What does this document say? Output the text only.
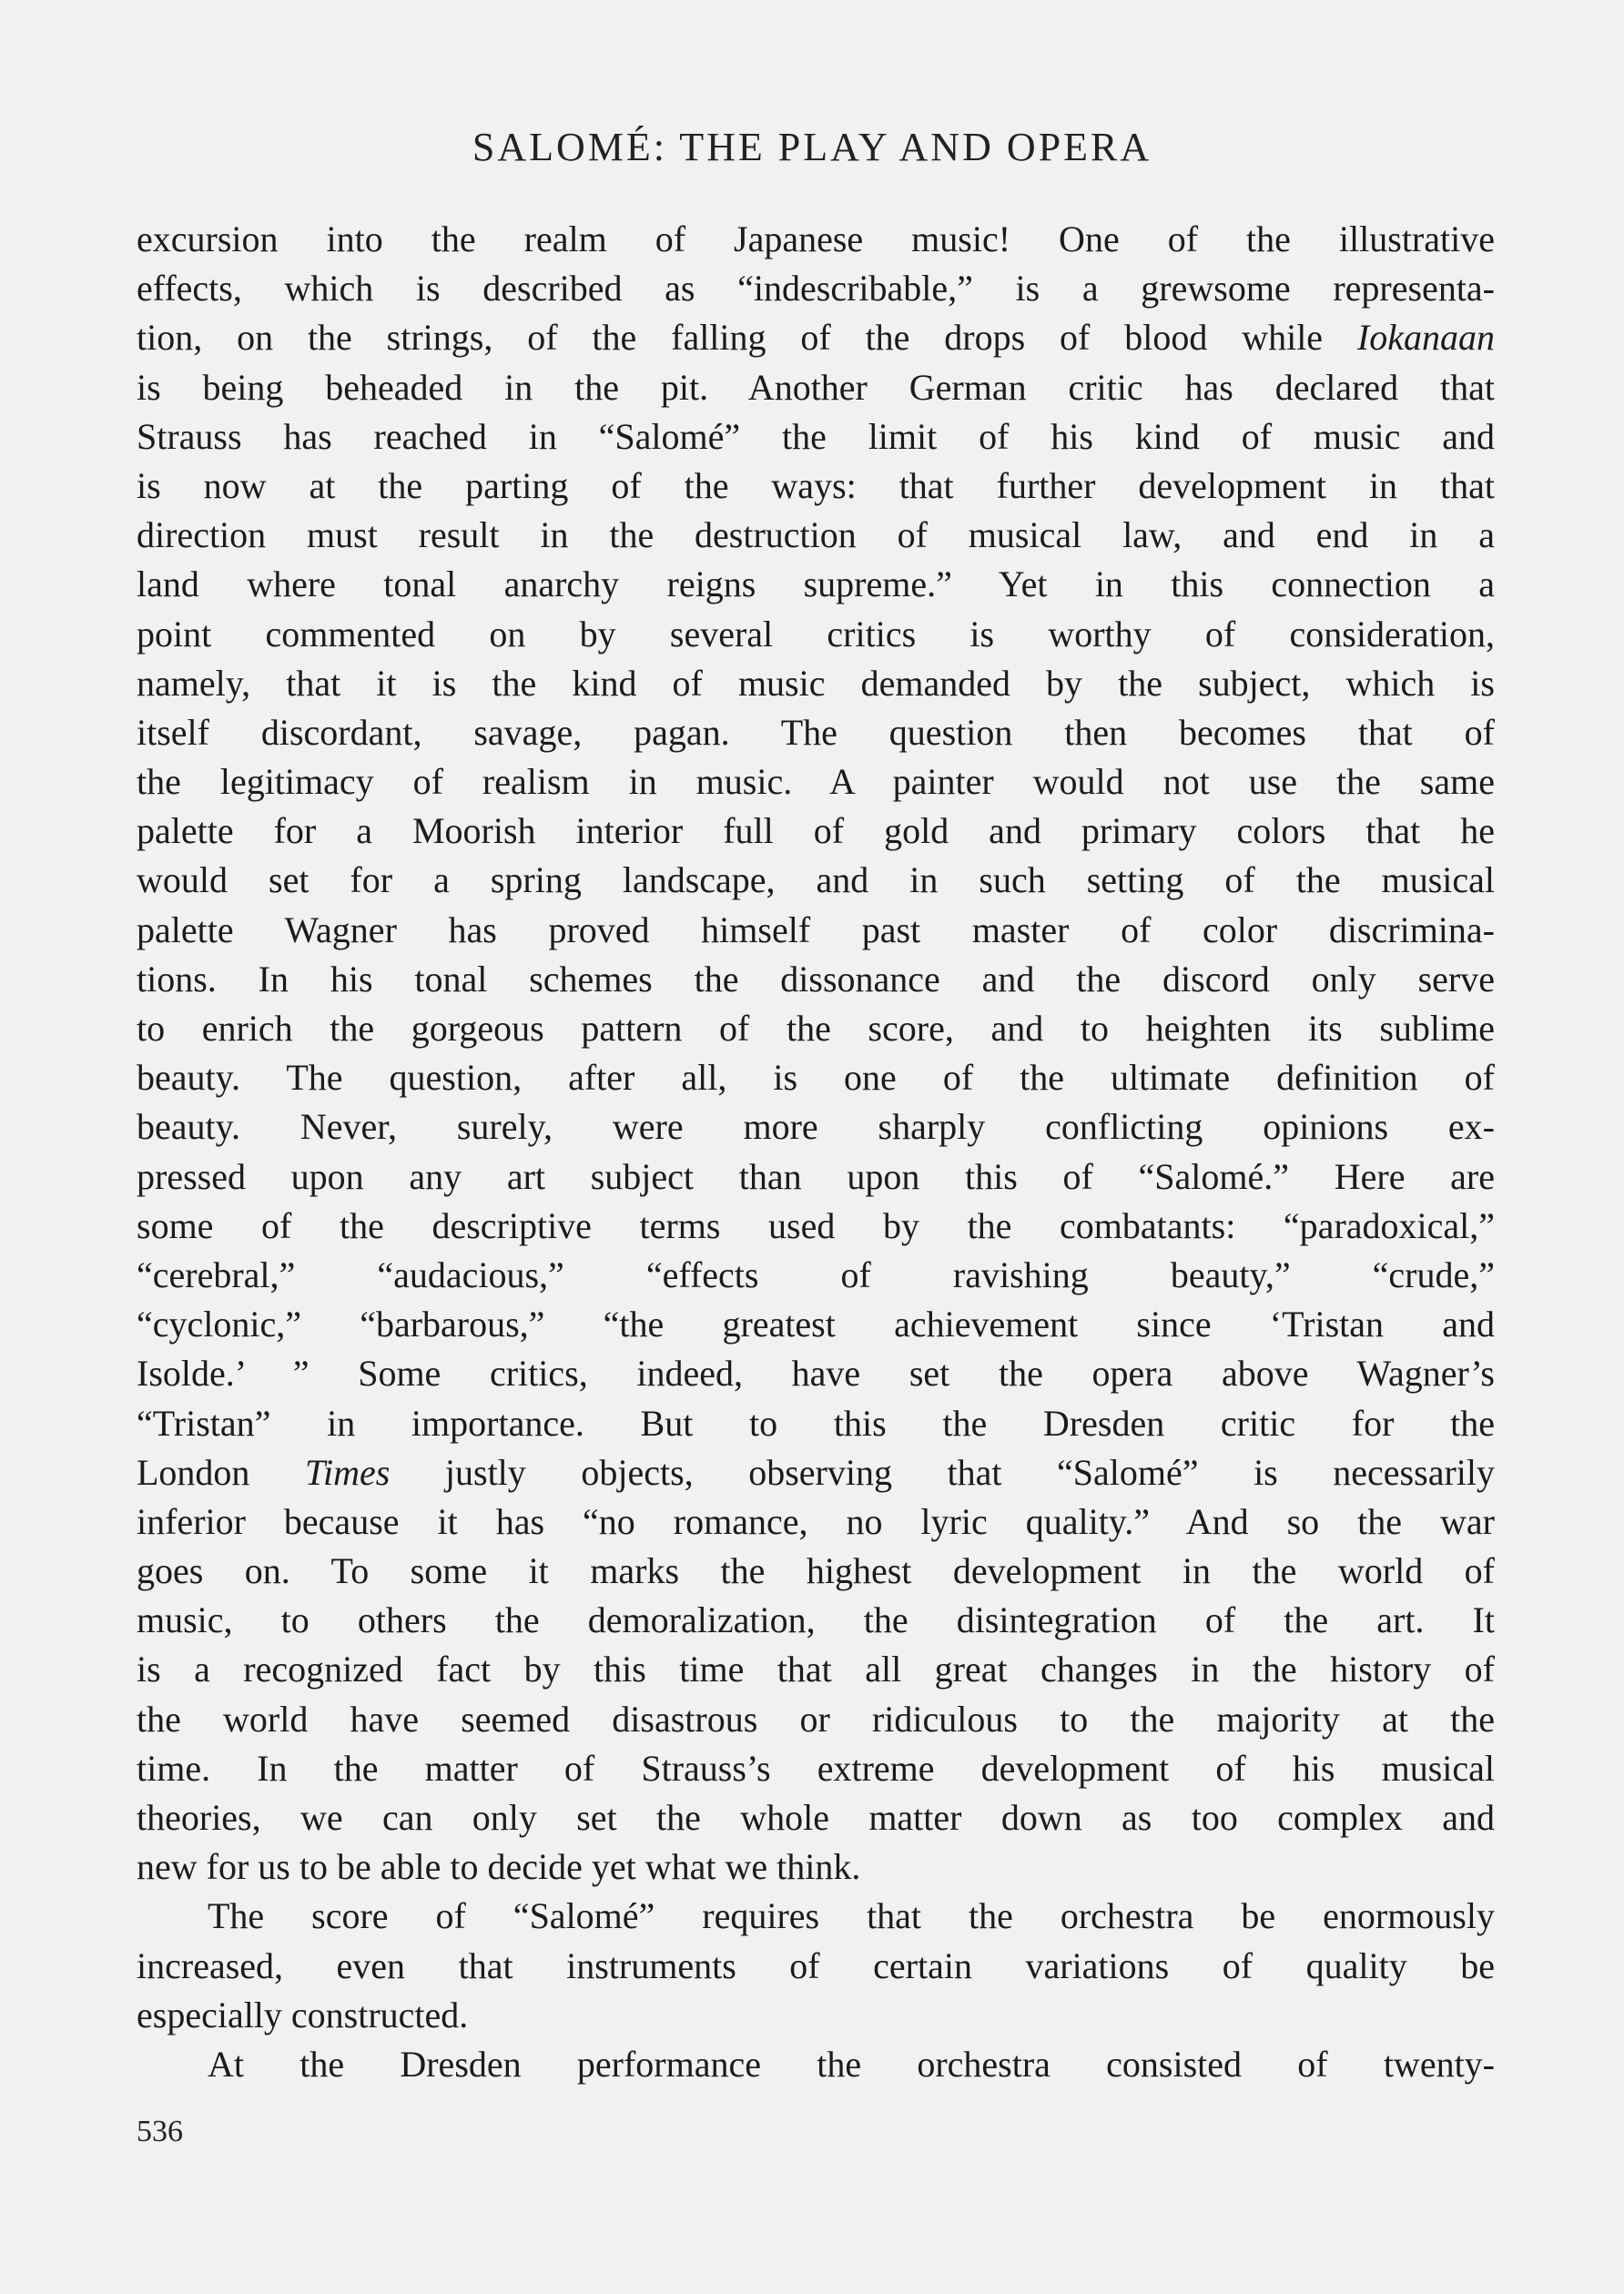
SALOMÉ: THE PLAY AND OPERA
excursion into the realm of Japanese music! One of the illustrative
effects, which is described as “indescribable,” is a grewsome representa-
tion, on the strings, of the falling of the drops of blood while Iokanaan
is being beheaded in the pit. Another German critic has declared that
Strauss has reached in “Salomé” the limit of his kind of music and
is now at the parting of the ways: that further development in that
direction must result in the destruction of musical law, and end in a
land where tonal anarchy reigns supreme.” Yet in this connection a
point commented on by several critics is worthy of consideration,
namely, that it is the kind of music demanded by the subject, which is
itself discordant, savage, pagan. The question then becomes that of
the legitimacy of realism in music. A painter would not use the same
palette for a Moorish interior full of gold and primary colors that he
would set for a spring landscape, and in such setting of the musical
palette Wagner has proved himself past master of color discrimina-
tions. In his tonal schemes the dissonance and the discord only serve
to enrich the gorgeous pattern of the score, and to heighten its sublime
beauty. The question, after all, is one of the ultimate definition of
beauty. Never, surely, were more sharply conflicting opinions ex-
pressed upon any art subject than upon this of “Salomé.” Here are
some of the descriptive terms used by the combatants: “paradoxical,”
“cerebral,” “audacious,” “effects of ravishing beauty,” “crude,”
“cyclonic,” “barbarous,” “the greatest achievement since ‘Tristan and
Isolde.’ ” Some critics, indeed, have set the opera above Wagner’s
“Tristan” in importance. But to this the Dresden critic for the
London Times justly objects, observing that “Salomé” is necessarily
inferior because it has “no romance, no lyric quality.” And so the war
goes on. To some it marks the highest development in the world of
music, to others the demoralization, the disintegration of the art. It
is a recognized fact by this time that all great changes in the history of
the world have seemed disastrous or ridiculous to the majority at the
time. In the matter of Strauss’s extreme development of his musical
theories, we can only set the whole matter down as too complex and
new for us to be able to decide yet what we think.
The score of “Salomé” requires that the orchestra be enormously
increased, even that instruments of certain variations of quality be
especially constructed.
At the Dresden performance the orchestra consisted of twenty-
536
